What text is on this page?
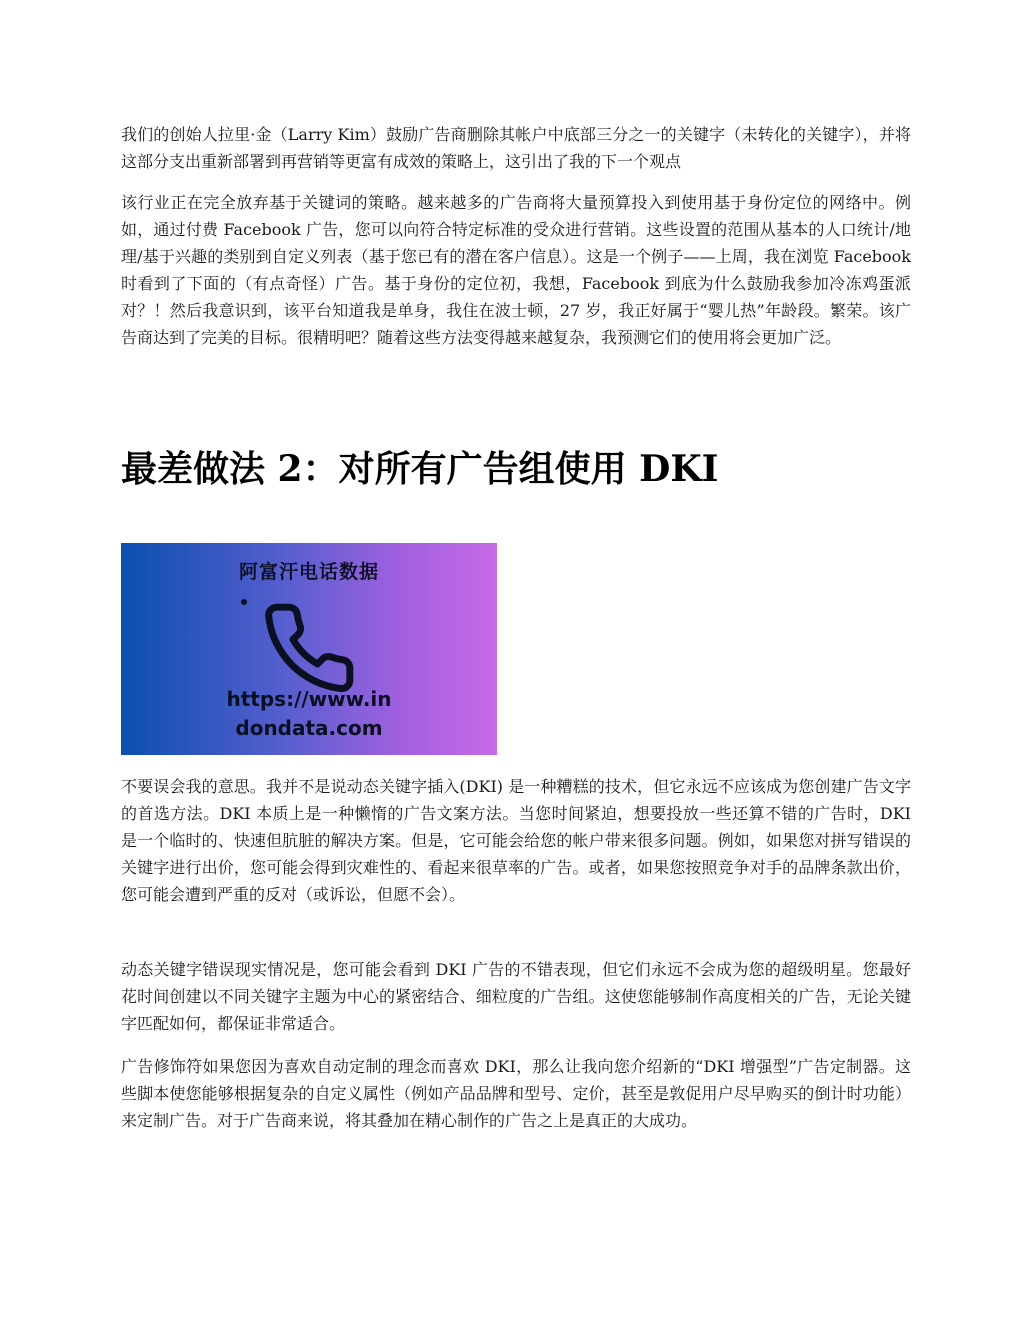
我们的创始人拉里·金（Larry Kim）鼓励广告商删除其帐户中底部三分之一的关键字（未转化的关键字），并将这部分支出重新部署到再营销等更富有成效的策略上，这引出了我的下一个观点

该行业正在完全放弃基于关键词的策略。越来越多的广告商将大量预算投入到使用基于身份定位的网络中。例如，通过付费 Facebook 广告，您可以向符合特定标准的受众进行营销。这些设置的范围从基本的人口统计/地理/基于兴趣的类别到自定义列表（基于您已有的潜在客户信息）。这是一个例子——上周，我在浏览 Facebook 时看到了下面的（有点奇怪）广告。基于身份的定位初，我想，Facebook 到底为什么鼓励我参加冷冻鸡蛋派对？！然后我意识到，该平台知道我是单身，我住在波士顿，27 岁，我正好属于“婴儿热”年龄段。繁荣。该广告商达到了完美的目标。很精明吧？随着这些方法变得越来越复杂，我预测它们的使用将会更加广泛。

最差做法 2：对所有广告组使用 DKI
阿富汗电话数据
https://www.in
dondata.com

不要误会我的意思。我并不是说动态关键字插入(DKI) 是一种糟糕的技术，但它永远不应该成为您创建广告文字的首选方法。DKI 本质上是一种懒惰的广告文案方法。当您时间紧迫，想要投放一些还算不错的广告时，DKI 是一个临时的、快速但肮脏的解决方案。但是，它可能会给您的帐户带来很多问题。例如，如果您对拼写错误的关键字进行出价，您可能会得到灾难性的、看起来很草率的广告。或者，如果您按照竞争对手的品牌条款出价，您可能会遭到严重的反对（或诉讼，但愿不会）。

动态关键字错误现实情况是，您可能会看到 DKI 广告的不错表现，但它们永远不会成为您的超级明星。您最好花时间创建以不同关键字主题为中心的紧密结合、细粒度的广告组。这使您能够制作高度相关的广告，无论关键字匹配如何，都保证非常适合。

广告修饰符如果您因为喜欢自动定制的理念而喜欢 DKI，那么让我向您介绍新的“DKI 增强型”广告定制器。这些脚本使您能够根据复杂的自定义属性（例如产品品牌和型号、定价，甚至是敦促用户尽早购买的倒计时功能）来定制广告。对于广告商来说，将其叠加在精心制作的广告之上是真正的大成功。
